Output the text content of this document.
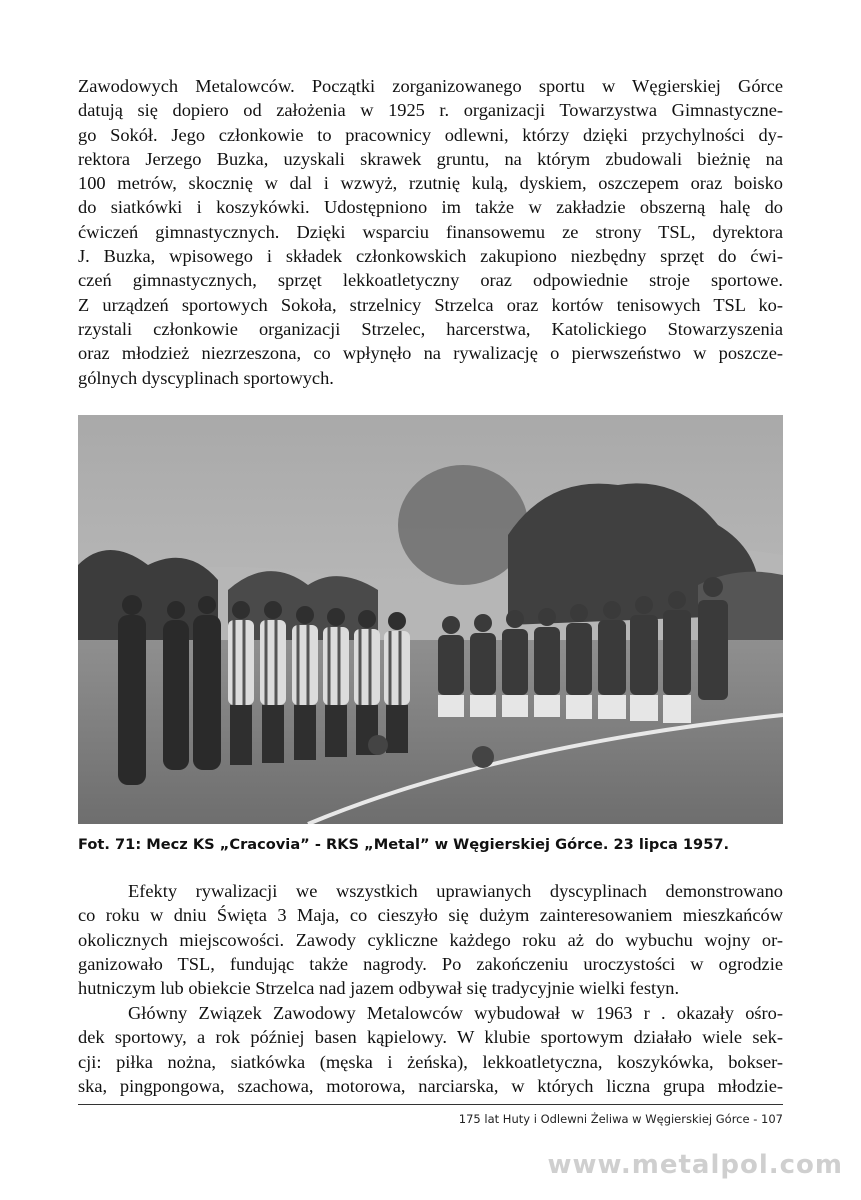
Zawodowych Metalowców. Początki zorganizowanego sportu w Węgierskiej Górce
datują się dopiero od założenia w 1925 r. organizacji Towarzystwa Gimnastyczne-
go Sokół. Jego członkowie to pracownicy odlewni, którzy dzięki przychylności dy-
rektora Jerzego Buzka, uzyskali skrawek gruntu, na którym zbudowali bieżnię na
100 metrów, skocznię w dal i wzwyż, rzutnię kulą, dyskiem, oszczepem oraz boisko
do siatkówki i koszykówki. Udostępniono im także w zakładzie obszerną halę do
ćwiczeń gimnastycznych. Dzięki wsparciu finansowemu ze strony TSL, dyrektora
J. Buzka, wpisowego i składek członkowskich zakupiono niezbędny sprzęt do ćwi-
czeń gimnastycznych, sprzęt lekkoatletyczny oraz odpowiednie stroje sportowe.
Z urządzeń sportowych Sokoła, strzelnicy Strzelca oraz kortów tenisowych TSL ko-
rzystali członkowie organizacji Strzelec, harcerstwa, Katolickiego Stowarzyszenia
oraz młodzież niezrzeszona, co wpłynęło na rywalizację o pierwszeństwo w poszcze-
gólnych dyscyplinach sportowych.
Fot. 71: Mecz KS „Cracovia” - RKS „Metal” w Węgierskiej Górce. 23 lipca 1957.
Efekty rywalizacji we wszystkich uprawianych dyscyplinach demonstrowano
co roku w dniu Święta 3 Maja, co cieszyło się dużym zainteresowaniem mieszkańców
okolicznych miejscowości. Zawody cykliczne każdego roku aż do wybuchu wojny or-
ganizowało TSL, fundując także nagrody. Po zakończeniu uroczystości w ogrodzie
hutniczym lub obiekcie Strzelca nad jazem odbywał się tradycyjnie wielki festyn.
Główny Związek Zawodowy Metalowców wybudował w 1963 r . okazały ośro-
dek sportowy, a rok później basen kąpielowy. W klubie sportowym działało wiele sek-
cji: piłka nożna, siatkówka (męska i żeńska), lekkoatletyczna, koszykówka, bokser-
ska, pingpongowa, szachowa, motorowa, narciarska, w których liczna grupa młodzie-
175 lat Huty i Odlewni Żeliwa w Węgierskiej Górce - 107
www.metalpol.com
